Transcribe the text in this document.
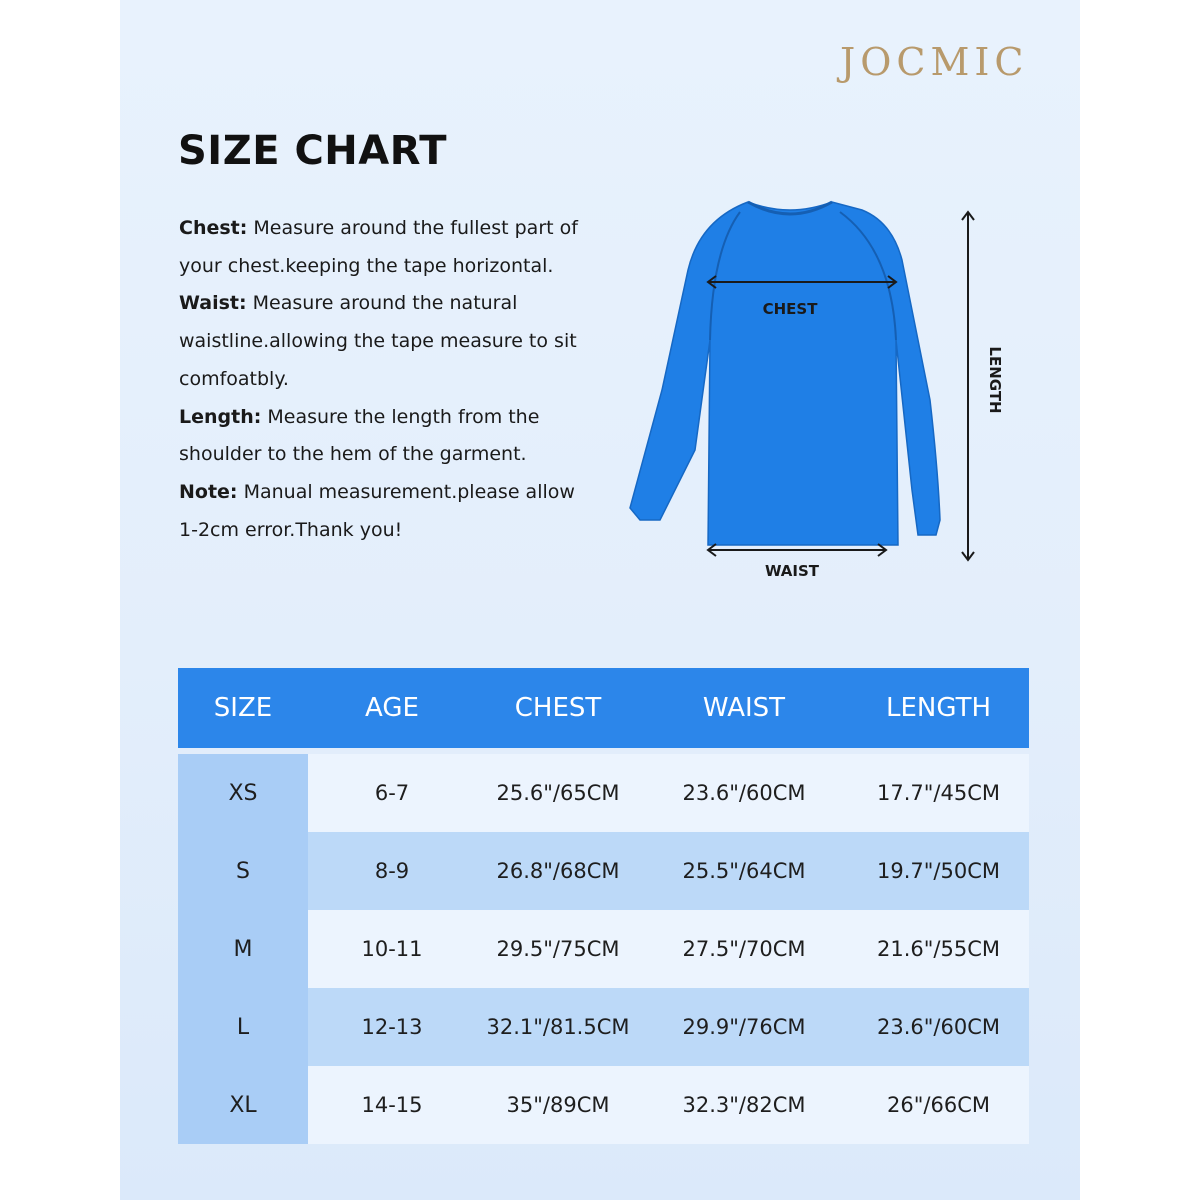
JOCMIC
SIZE CHART

Chest: Measure around the fullest part of your chest.keeping the tape horizontal.

Waist: Measure around the natural waistline.allowing the tape measure to sit comfoatbly.

Length: Measure the length from the shoulder to the hem of the garment.

Note: Manual measurement.please allow 1-2cm error.Thank you!

CHEST
WAIST
LENGTH
SIZE	AGE	CHEST	WAIST	LENGTH

XS	6-7	25.6"/65CM	23.6"/60CM	17.7"/45CM
S	8-9	26.8"/68CM	25.5"/64CM	19.7"/50CM
M	10-11	29.5"/75CM	27.5"/70CM	21.6"/55CM
L	12-13	32.1"/81.5CM	29.9"/76CM	23.6"/60CM
XL	14-15	35"/89CM	32.3"/82CM	26"/66CM
